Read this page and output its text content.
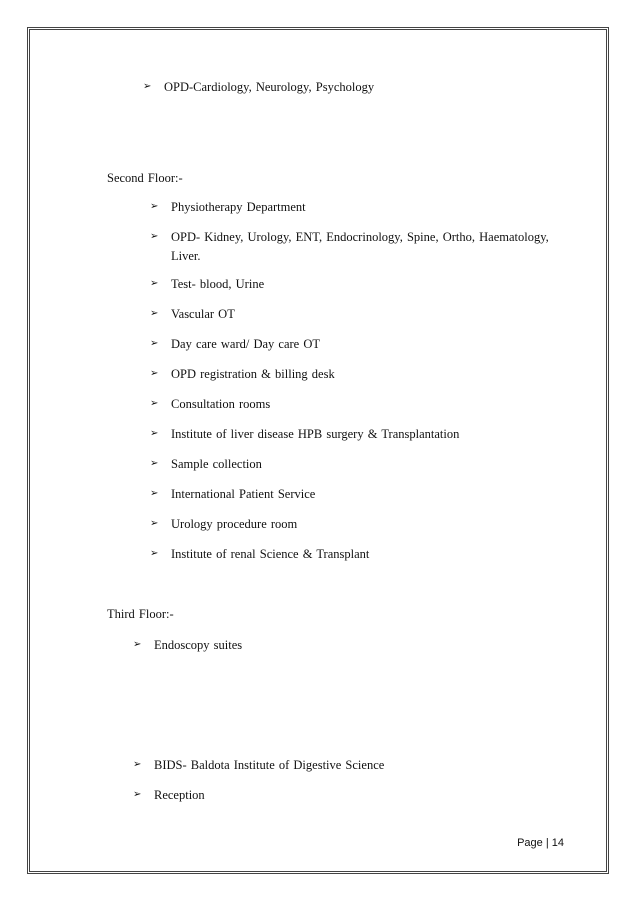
➢ OPD-Cardiology, Neurology, Psychology
Second Floor:-
➢ Physiotherapy Department
➢ OPD- Kidney, Urology, ENT, Endocrinology, Spine, Ortho, Haematology, Liver.
➢ Test- blood, Urine
➢ Vascular OT
➢ Day care ward/ Day care OT
➢ OPD registration & billing desk
➢ Consultation rooms
➢ Institute of liver disease HPB surgery & Transplantation
➢ Sample collection
➢ International Patient Service
➢ Urology procedure room
➢ Institute of renal Science & Transplant
Third Floor:-
➢ Endoscopy suites
➢ BIDS- Baldota Institute of Digestive Science
➢ Reception
Page | 14
